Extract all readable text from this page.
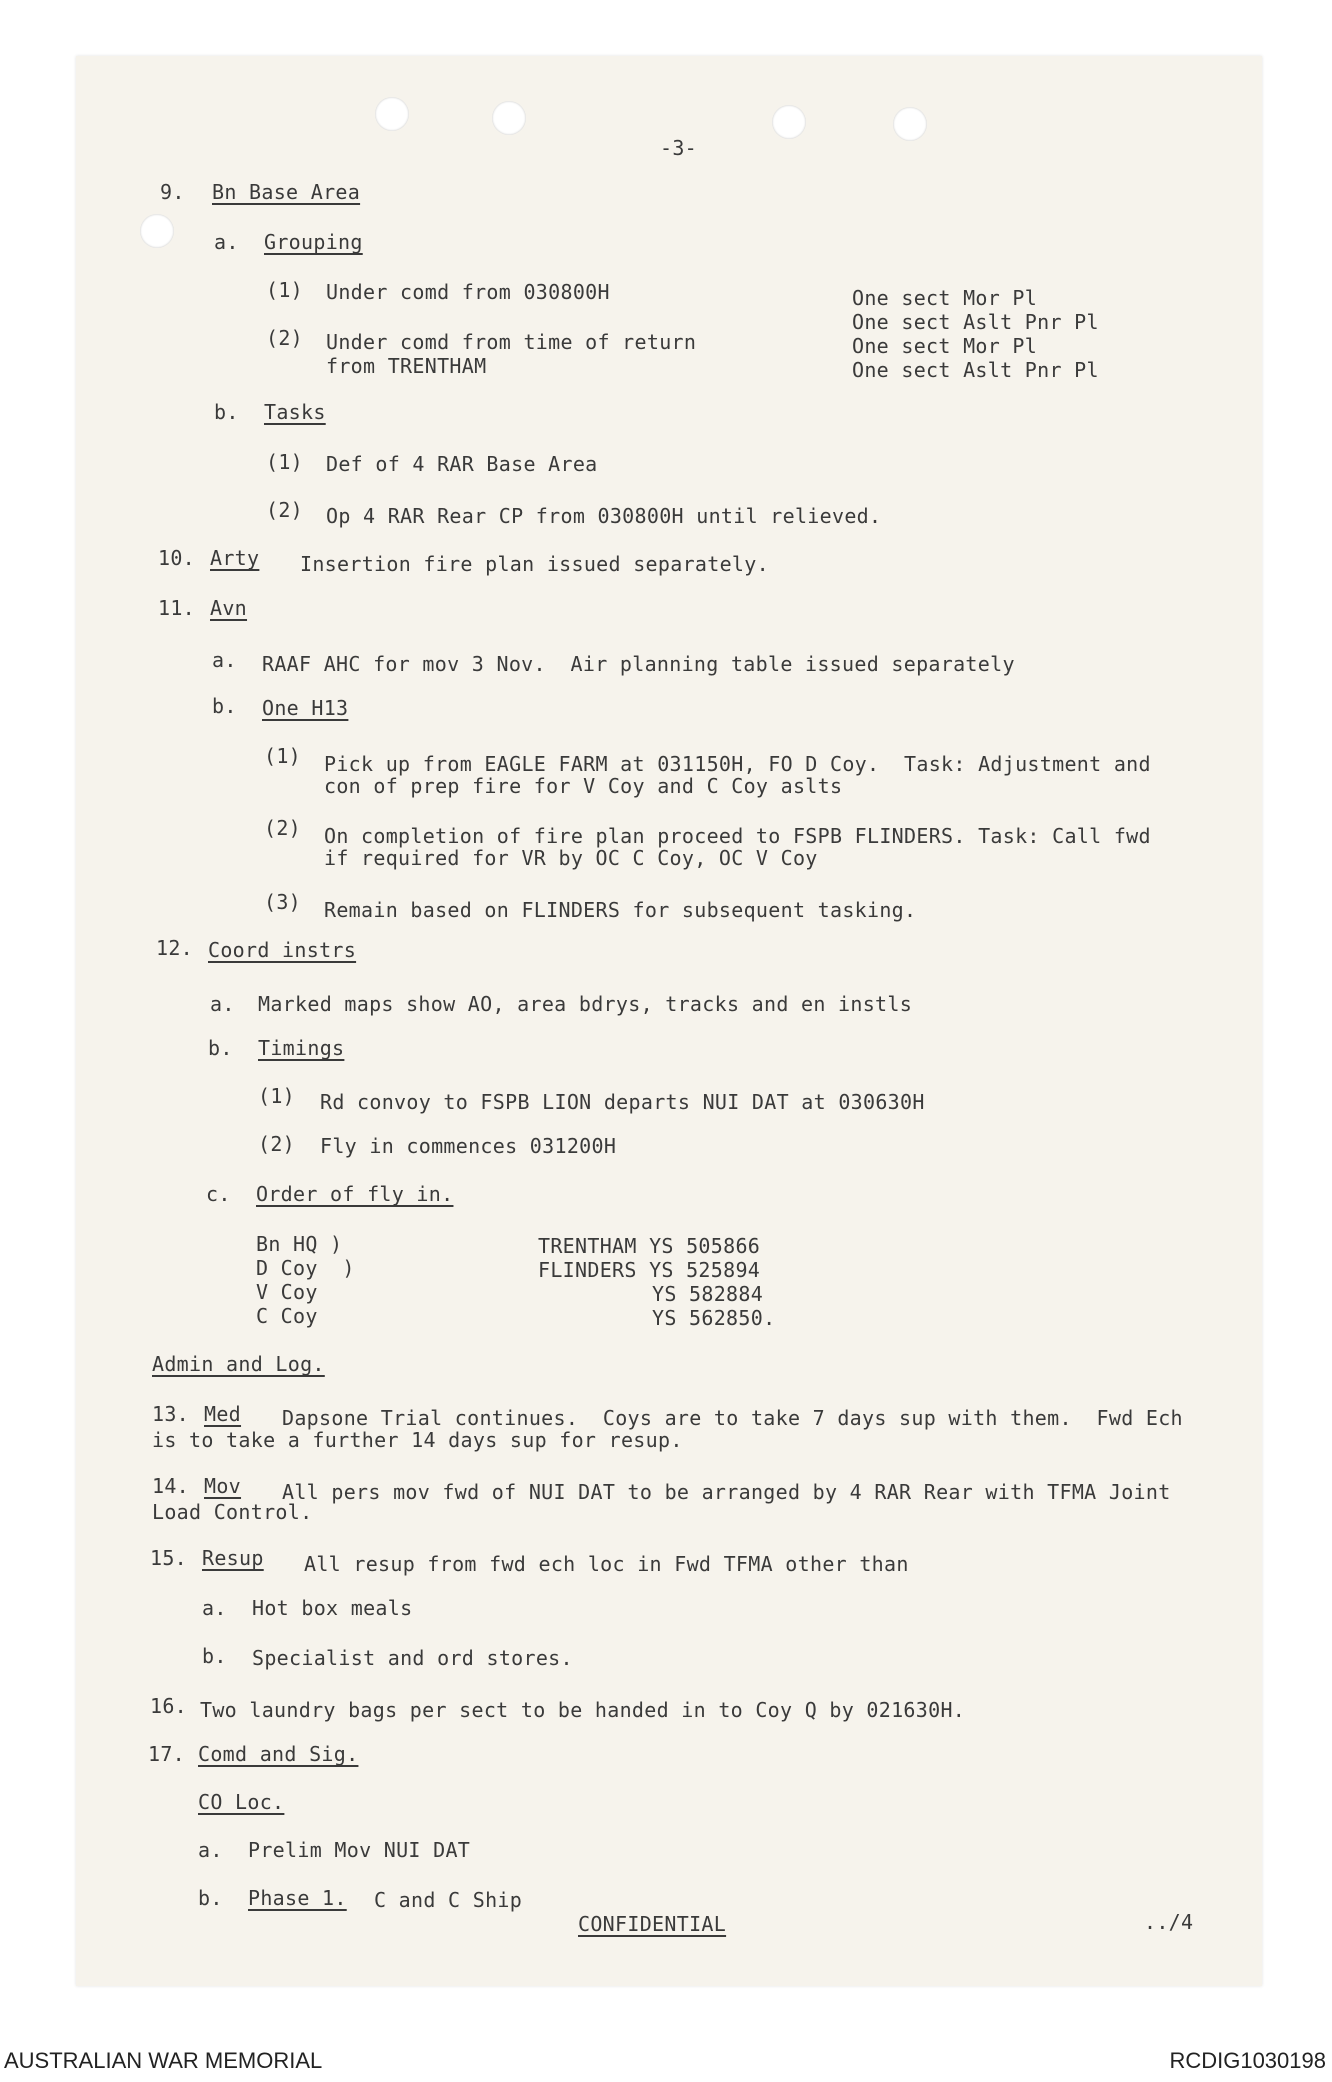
-3-
9. Bn Base Area
a. Grouping
(1) Under comd from 030800H
(2) Under comd from time of return
from TRENTHAM
One sect Mor Pl
One sect Aslt Pnr Pl
One sect Mor Pl
One sect Aslt Pnr Pl
b. Tasks
(1) Def of 4 RAR Base Area
(2) Op 4 RAR Rear CP from 030800H until relieved.
10. Arty Insertion fire plan issued separately.
11. Avn
a. RAAF AHC for mov 3 Nov.  Air planning table issued separately
b. One H13
(1) Pick up from EAGLE FARM at 031150H, FO D Coy.  Task: Adjustment and
con of prep fire for V Coy and C Coy aslts
(2) On completion of fire plan proceed to FSPB FLINDERS. Task: Call fwd
if required for VR by OC C Coy, OC V Coy
(3) Remain based on FLINDERS for subsequent tasking.
12. Coord instrs
a. Marked maps show AO, area bdrys, tracks and en instls
b. Timings
(1) Rd convoy to FSPB LION departs NUI DAT at 030630H
(2) Fly in commences 031200H
c. Order of fly in.
Bn HQ )
D Coy  )
V Coy
C Coy
TRENTHAM YS 505866
FLINDERS YS 525894
YS 582884
YS 562850.
Admin and Log.
13. Med Dapsone Trial continues.  Coys are to take 7 days sup with them.  Fwd Ech
is to take a further 14 days sup for resup.
14. Mov All pers mov fwd of NUI DAT to be arranged by 4 RAR Rear with TFMA Joint
Load Control.
15. Resup All resup from fwd ech loc in Fwd TFMA other than
a. Hot box meals
b. Specialist and ord stores.
16. Two laundry bags per sect to be handed in to Coy Q by 021630H.
17. Comd and Sig.
CO Loc.
a. Prelim Mov NUI DAT
b. Phase 1. C and C Ship
CONFIDENTIAL	../4
AUSTRALIAN WAR MEMORIAL	RCDIG1030198
